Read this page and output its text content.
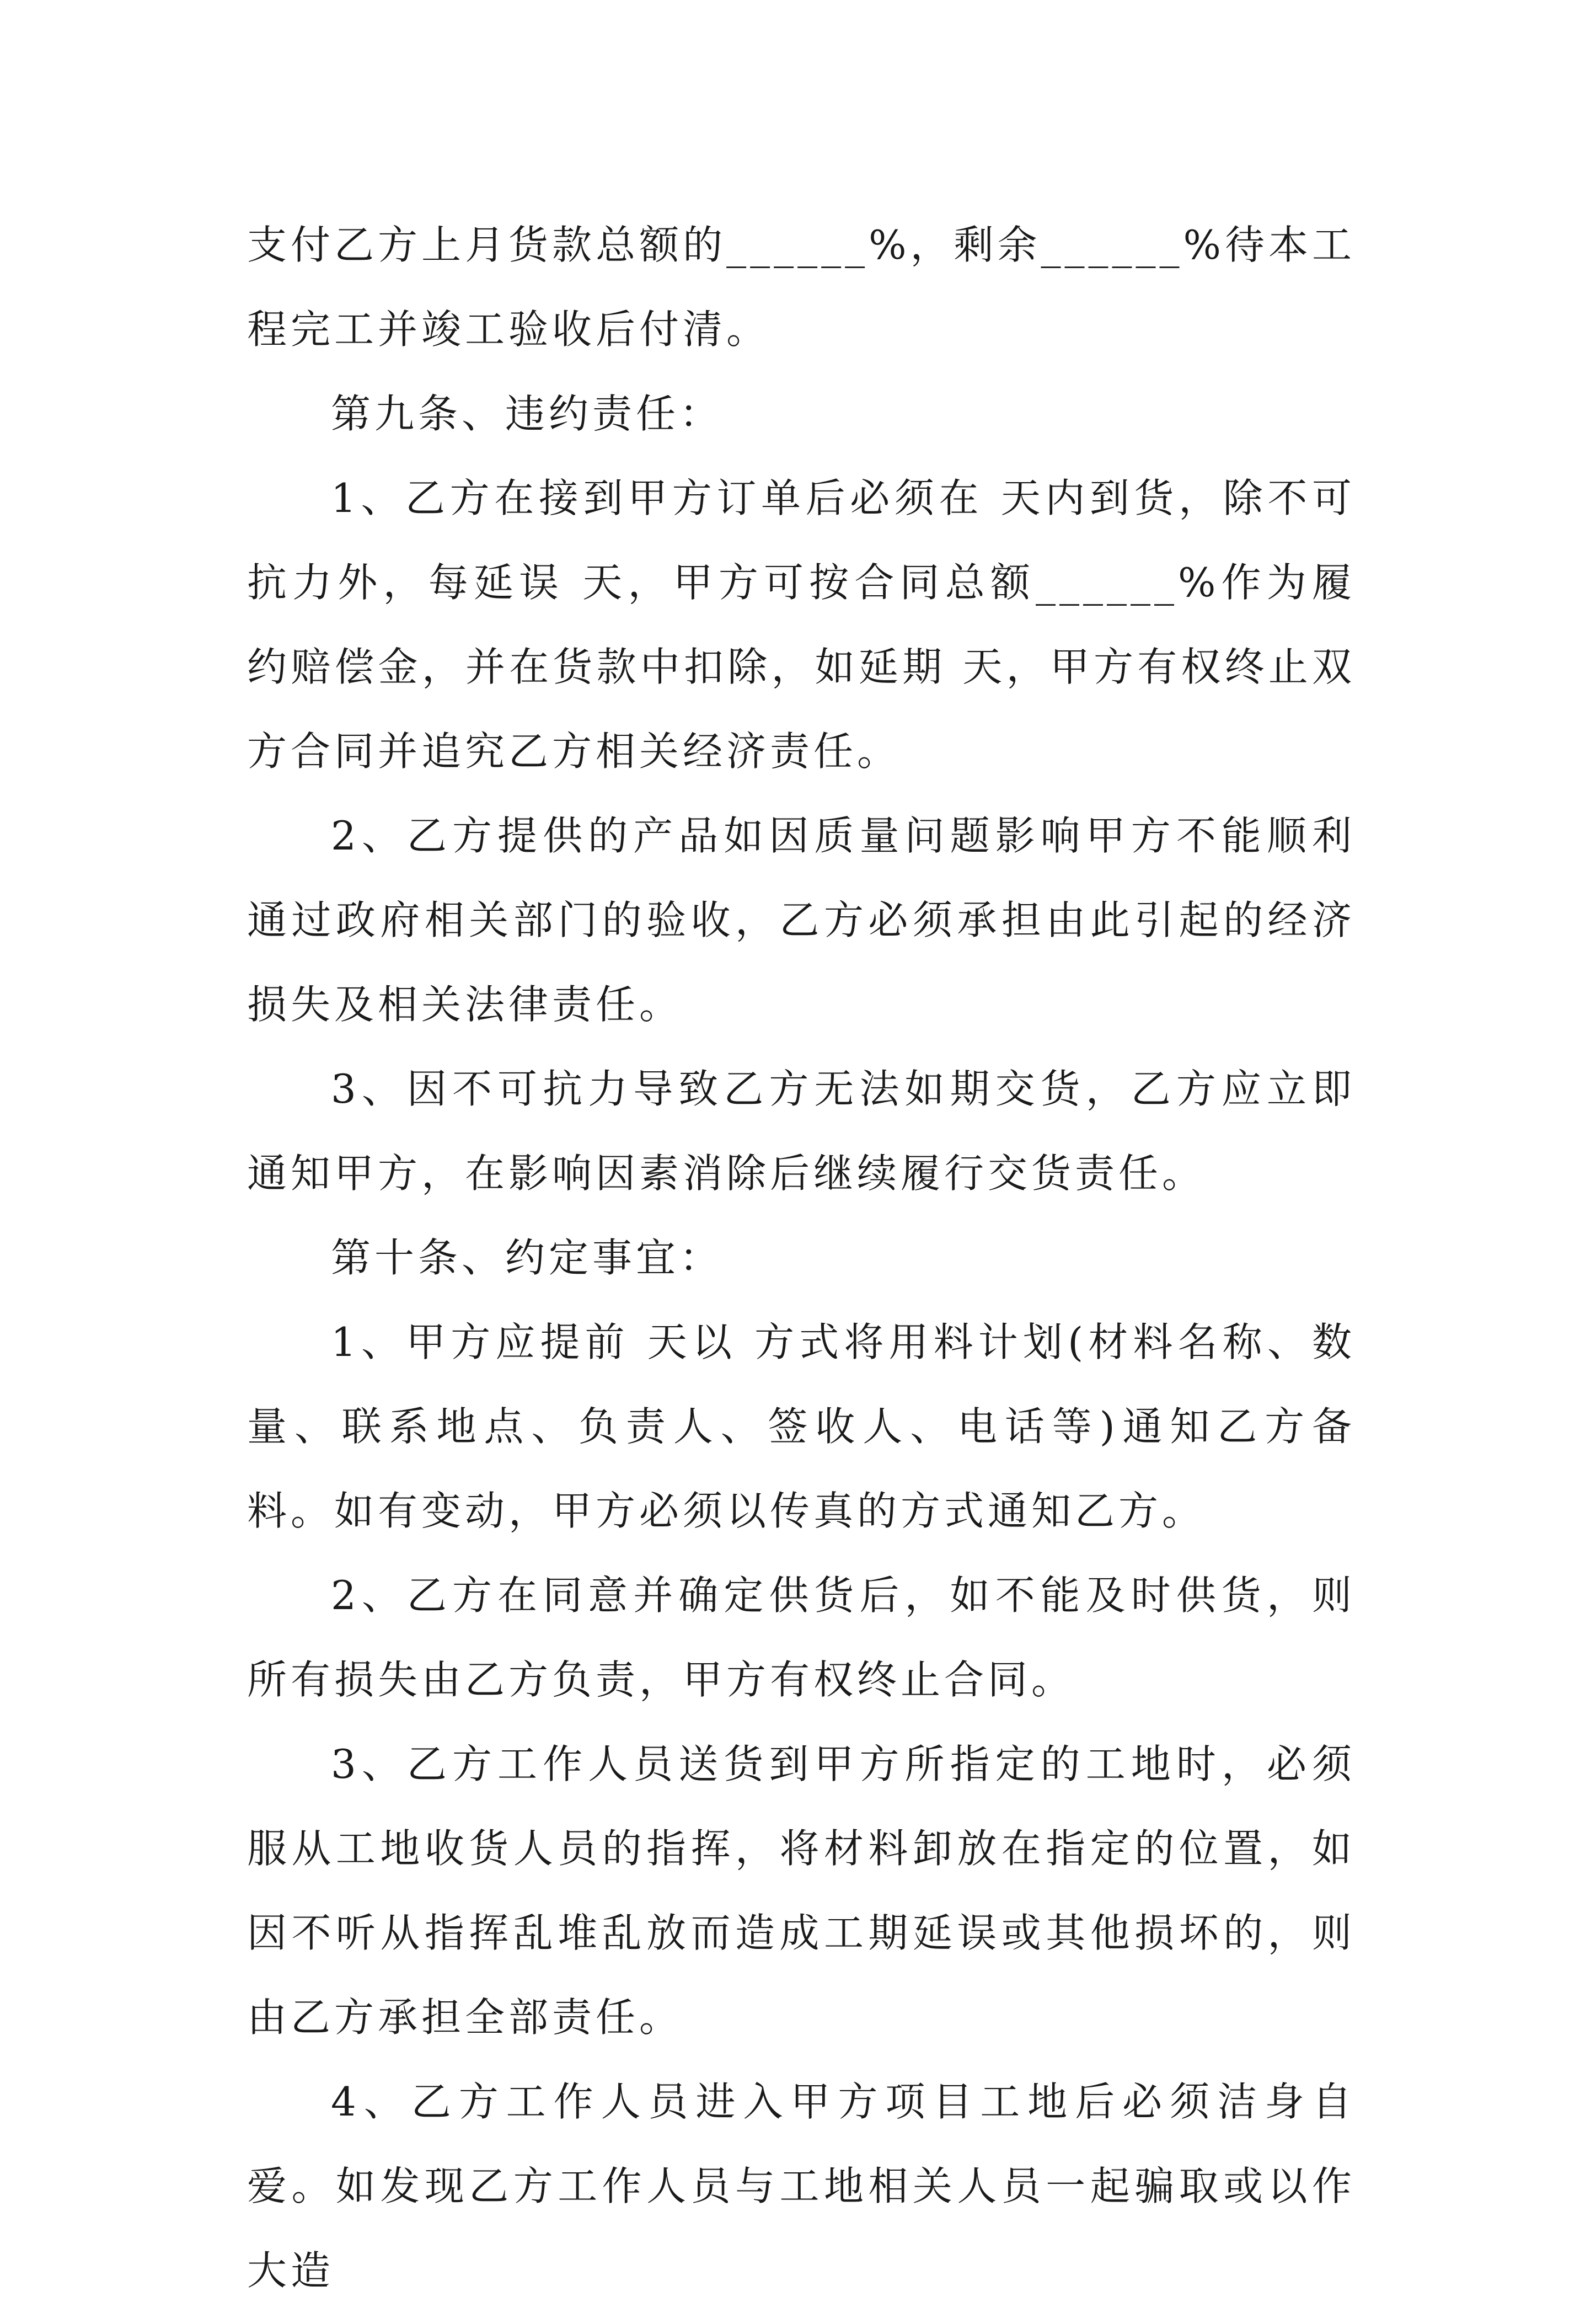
支付乙方上月货款总额的______%，剩余______%待本工程完工并竣工验收后付清。

第九条、违约责任：

1、乙方在接到甲方订单后必须在 天内到货，除不可抗力外，每延误 天，甲方可按合同总额______%作为履约赔偿金，并在货款中扣除，如延期 天，甲方有权终止双方合同并追究乙方相关经济责任。

2、乙方提供的产品如因质量问题影响甲方不能顺利通过政府相关部门的验收，乙方必须承担由此引起的经济损失及相关法律责任。

3、因不可抗力导致乙方无法如期交货，乙方应立即通知甲方，在影响因素消除后继续履行交货责任。

第十条、约定事宜：

1、甲方应提前 天以 方式将用料计划(材料名称、数量、联系地点、负责人、签收人、电话等)通知乙方备料。如有变动，甲方必须以传真的方式通知乙方。

2、乙方在同意并确定供货后，如不能及时供货，则所有损失由乙方负责，甲方有权终止合同。

3、乙方工作人员送货到甲方所指定的工地时，必须服从工地收货人员的指挥，将材料卸放在指定的位置，如因不听从指挥乱堆乱放而造成工期延误或其他损坏的，则由乙方承担全部责任。

4、乙方工作人员进入甲方项目工地后必须洁身自爱。如发现乙方工作人员与工地相关人员一起骗取或以作大造
